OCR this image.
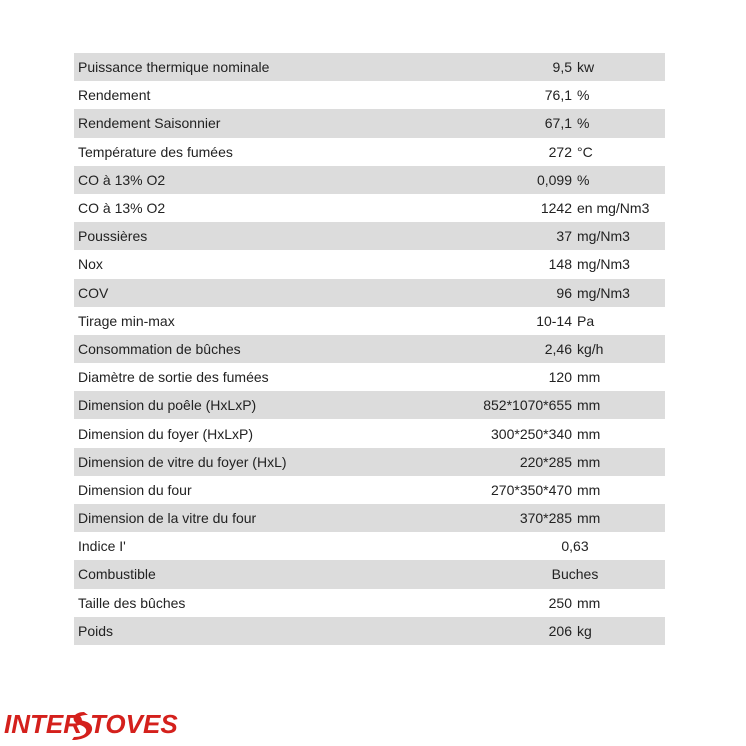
Puissance thermique nominale	9,5 kw
Rendement	76,1 %
Rendement Saisonnier	67,1 %
Température des fumées	272 °C
CO à 13% O2	0,099 %
CO à 13% O2	1242 en mg/Nm3
Poussières	37 mg/Nm3
Nox	148 mg/Nm3
COV	96 mg/Nm3
Tirage min-max	10-14 Pa
Consommation de bûches	2,46 kg/h
Diamètre de sortie des fumées	120 mm
Dimension du poêle (HxLxP)	852*1070*655 mm
Dimension du foyer (HxLxP)	300*250*340 mm
Dimension de vitre du foyer (HxL)	220*285 mm
Dimension du four	270*350*470 mm
Dimension de la vitre du four	370*285 mm
Indice I'	0,63
Combustible	Buches
Taille des bûches	250 mm
Poids	206 kg
INTER TOVES
